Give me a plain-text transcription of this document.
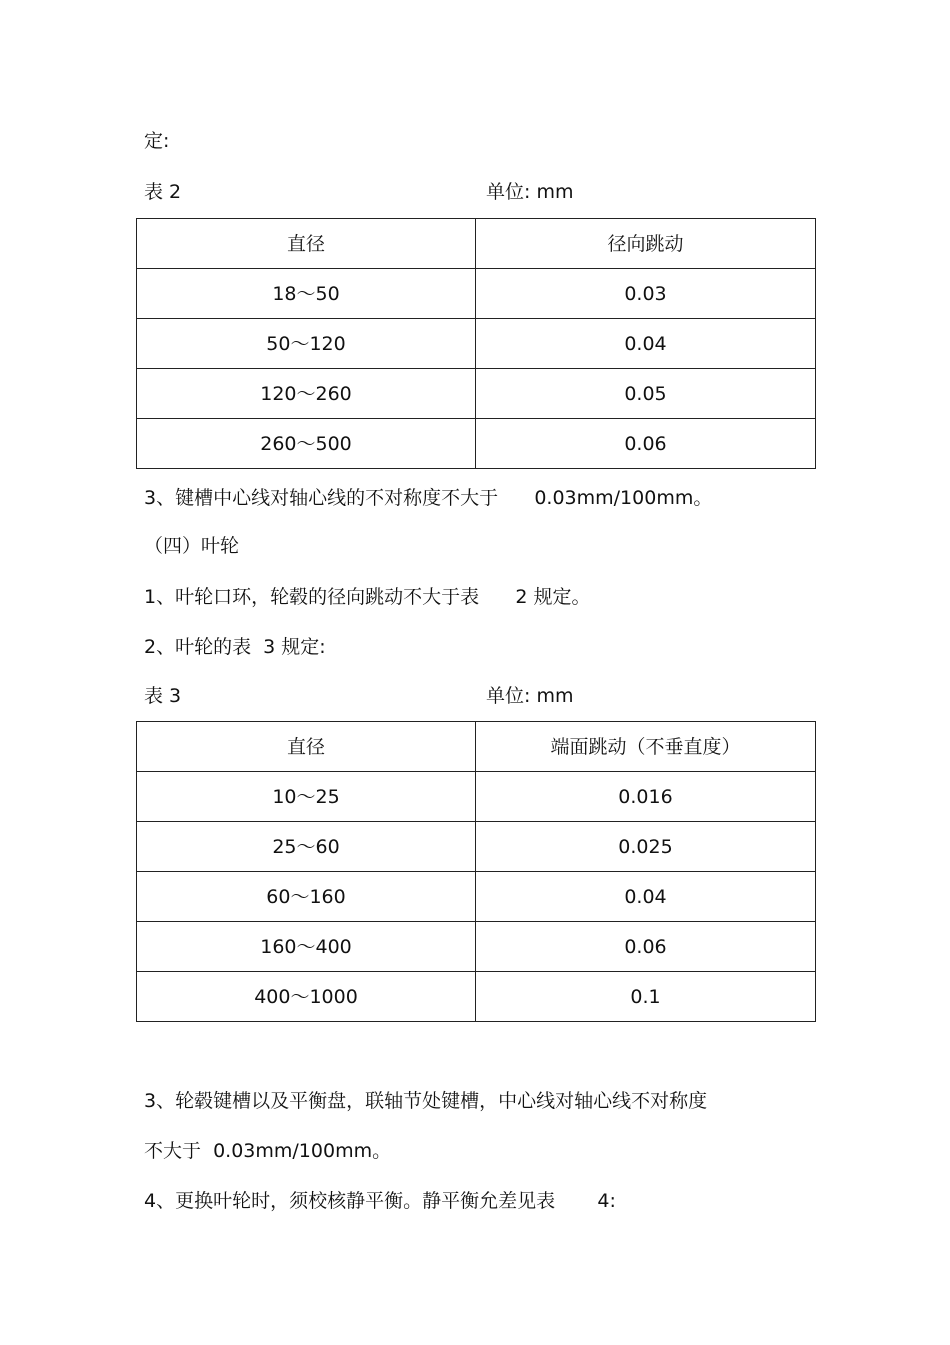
定:
表 2	单位: mm
直径	径向跳动
18～50	0.03
50～120	0.04
120～260	0.05
260～500	0.06
3、键槽中心线对轴心线的不对称度不大于      0.03mm/100mm。
（四）叶轮
1、叶轮口环，轮毂的径向跳动不大于表      2 规定。
2、叶轮的表  3 规定:
表 3	单位: mm
直径	端面跳动（不垂直度）
10～25	0.016
25～60	0.025
60～160	0.04
160～400	0.06
400～1000	0.1
3、轮毂键槽以及平衡盘，联轴节处键槽，中心线对轴心线不对称度
不大于  0.03mm/100mm。
4、更换叶轮时，须校核静平衡。静平衡允差见表       4:
